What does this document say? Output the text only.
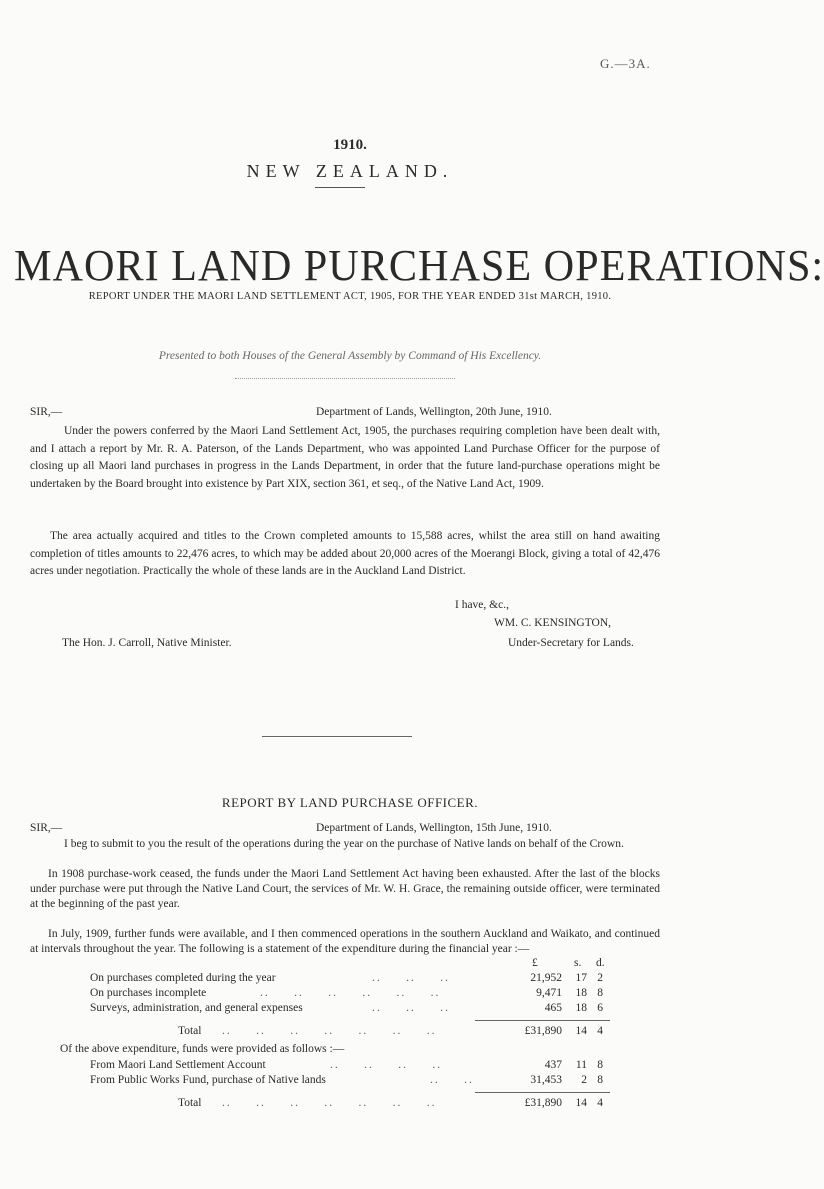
G.—3A.
1910.
NEW ZEALAND.
MAORI LAND PURCHASE OPERATIONS:
REPORT UNDER THE MAORI LAND SETTLEMENT ACT, 1905, FOR THE YEAR ENDED 31st MARCH, 1910.
Presented to both Houses of the General Assembly by Command of His Excellency.
SIR,—	Department of Lands, Wellington, 20th June, 1910.
Under the powers conferred by the Maori Land Settlement Act, 1905, the purchases requiring completion have been dealt with, and I attach a report by Mr. R. A. Paterson, of the Lands Department, who was appointed Land Purchase Officer for the purpose of closing up all Maori land purchases in progress in the Lands Department, in order that the future land-purchase operations might be undertaken by the Board brought into existence by Part XIX, section 361, et seq., of the Native Land Act, 1909.
The area actually acquired and titles to the Crown completed amounts to 15,588 acres, whilst the area still on hand awaiting completion of titles amounts to 22,476 acres, to which may be added about 20,000 acres of the Moerangi Block, giving a total of 42,476 acres under negotiation. Practically the whole of these lands are in the Auckland Land District.
I have, &c.,
WM. C. KENSINGTON,
The Hon. J. Carroll, Native Minister.	Under-Secretary for Lands.
REPORT BY LAND PURCHASE OFFICER.
SIR,—	Department of Lands, Wellington, 15th June, 1910.
I beg to submit to you the result of the operations during the year on the purchase of Native lands on behalf of the Crown.
In 1908 purchase-work ceased, the funds under the Maori Land Settlement Act having been exhausted. After the last of the blocks under purchase were put through the Native Land Court, the services of Mr. W. H. Grace, the remaining outside officer, were terminated at the beginning of the past year.
In July, 1909, further funds were available, and I then commenced operations in the southern Auckland and Waikato, and continued at intervals throughout the year. The following is a statement of the expenditure during the financial year :—
£	s. d.
On purchases completed during the year	..     ..     ..	21,952 17 2
On purchases incomplete	..     ..     ..     ..     ..     ..	9,471 18 8
Surveys, administration, and general expenses	..     ..     ..	465 18 6
Total ..     ..     ..     ..     ..     ..     ..	£31,890 14 4
Of the above expenditure, funds were provided as follows :—
From Maori Land Settlement Account	..     ..     ..     ..	437 11 8
From Public Works Fund, purchase of Native lands	..     ..	31,453 2 8
Total ..     ..     ..     ..     ..     ..     ..	£31,890 14 4
